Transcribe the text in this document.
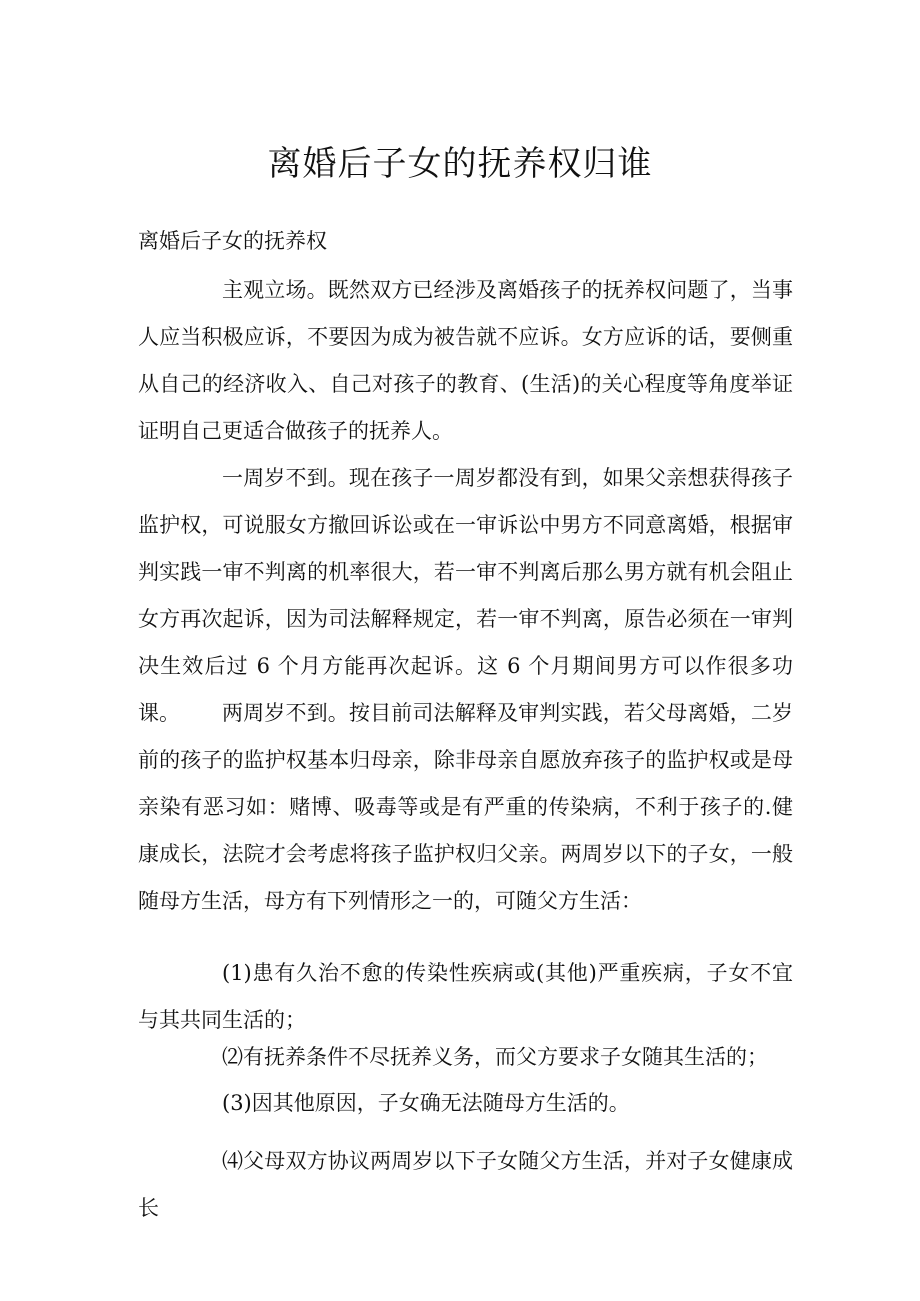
离婚后子女的抚养权归谁

离婚后子女的抚养权

主观立场。既然双方已经涉及离婚孩子的抚养权问题了，当事人应当积极应诉，不要因为成为被告就不应诉。女方应诉的话，要侧重从自己的经济收入、自己对孩子的教育、(生活)的关心程度等角度举证证明自己更适合做孩子的抚养人。

一周岁不到。现在孩子一周岁都没有到，如果父亲想获得孩子监护权，可说服女方撤回诉讼或在一审诉讼中男方不同意离婚，根据审判实践一审不判离的机率很大，若一审不判离后那么男方就有机会阻止女方再次起诉，因为司法解释规定，若一审不判离，原告必须在一审判决生效后过 6 个月方能再次起诉。这 6 个月期间男方可以作很多功课。	两周岁不到。按目前司法解释及审判实践，若父母离婚，二岁前的孩子的监护权基本归母亲，除非母亲自愿放弃孩子的监护权或是母亲染有恶习如：赌博、吸毒等或是有严重的传染病，不利于孩子的.健康成长，法院才会考虑将孩子监护权归父亲。两周岁以下的子女，一般随母方生活，母方有下列情形之一的，可随父方生活：

(1)患有久治不愈的传染性疾病或(其他)严重疾病，子女不宜与其共同生活的；

⑵有抚养条件不尽抚养义务，而父方要求子女随其生活的；

(3)因其他原因，子女确无法随母方生活的。

⑷父母双方协议两周岁以下子女随父方生活，并对子女健康成长
